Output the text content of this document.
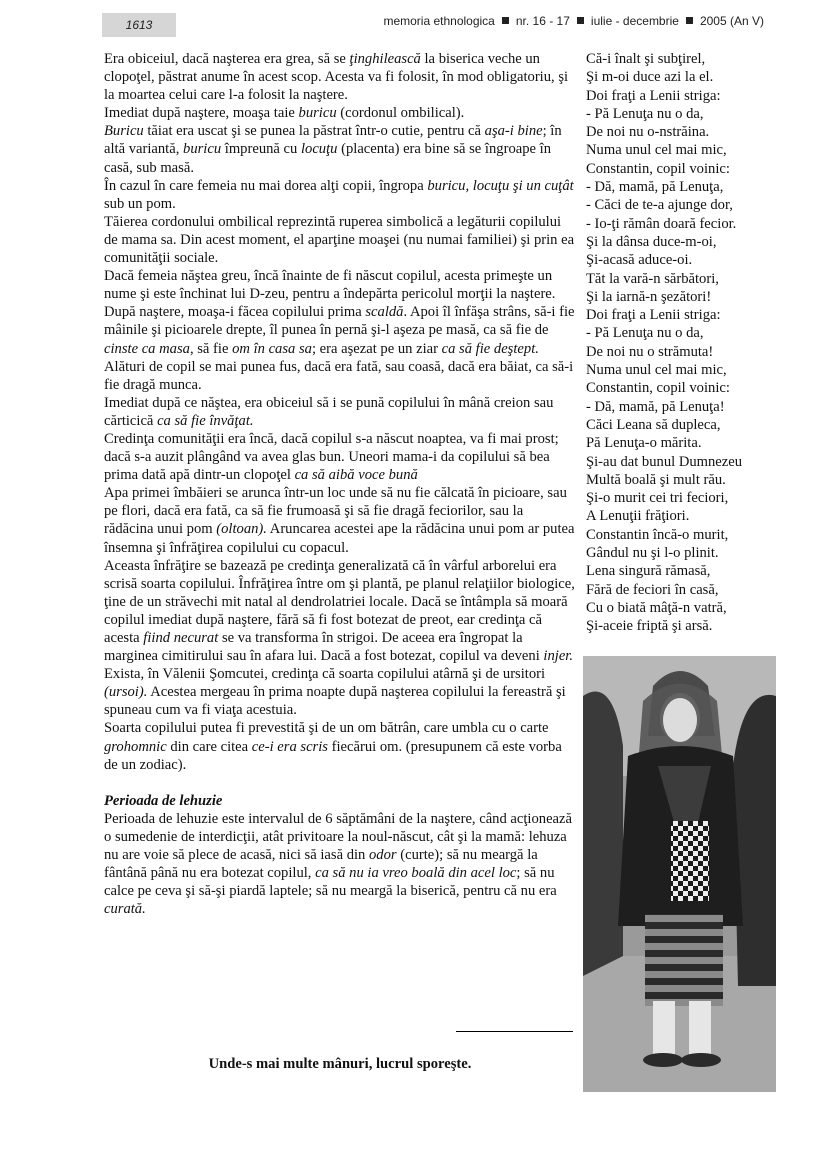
1613	memoria ethnologica nr. 16 - 17 iulie - decembrie 2005 (An V)

Era obiceiul, dacă naşterea era grea, să se ţinghilească la biserica veche un clopoţel, păstrat anume în acest scop. Acesta va fi folosit, în mod obligatoriu, şi la moartea celui care l-a folosit la naştere.

Imediat după naştere, moaşa taie buricu (cordonul ombilical).

Buricu tăiat era uscat şi se punea la păstrat într-o cutie, pentru că aşa-i bine; în altă variantă, buricu împreună cu locuţu (placenta) era bine să se îngroape în casă, sub masă.

În cazul în care femeia nu mai dorea alţi copii, îngropa buricu, locuţu şi un cuţât sub un pom.

Tăierea cordonului ombilical reprezintă ruperea simbolică a legăturii copilului de mama sa. Din acest moment, el aparţine moaşei (nu numai familiei) şi prin ea comunităţii sociale.

Dacă femeia năştea greu, încă înainte de fi născut copilul, acesta primeşte un nume şi este închinat lui D-zeu, pentru a îndepărta pericolul morţii la naştere.

După naştere, moaşa-i făcea copilului prima scaldă. Apoi îl înfăşa strâns, să-i fie mâinile şi picioarele drepte, îl punea în pernă şi-l aşeza pe masă, ca să fie de cinste ca masa, să fie om în casa sa; era aşezat pe un ziar ca să fie deştept. Alături de copil se mai punea fus, dacă era fată, sau coasă, dacă era băiat, ca să-i fie dragă munca.

Imediat după ce năştea, era obiceiul să i se pună copilului în mână creion sau cărticică ca să fie învăţat.

Credinţa comunităţii era încă, dacă copilul s-a născut noaptea, va fi mai prost; dacă s-a auzit plângând va avea glas bun. Uneori mama-i da copilului să bea prima dată apă dintr-un clopoţel ca să aibă voce bună

Apa primei îmbăieri se arunca într-un loc unde să nu fie călcată în picioare, sau pe flori, dacă era fată, ca să fie frumoasă şi să fie dragă feciorilor, sau la rădăcina unui pom (oltoan). Aruncarea acestei ape la rădăcina unui pom ar putea însemna şi înfrăţirea copilului cu copacul.

Aceasta înfrăţire se bazează pe credinţa generalizată că în vârful arborelui era scrisă soarta copilului. Înfrăţirea între om şi plantă, pe planul relaţiilor biologice, ţine de un străvechi mit natal al dendrolatriei locale. Dacă se întâmpla să moară copilul imediat după naştere, fără să fi fost botezat de preot, ear credinţa că acesta fiind necurat se va transforma în strigoi. De aceea era îngropat la marginea cimitirului sau în afara lui. Dacă a fost botezat, copilul va deveni injer.

Exista, în Vălenii Şomcutei, credinţa că soarta copilului atârnă şi de ursitori (ursoi). Acestea mergeau în prima noapte după naşterea copilului la fereastră şi spuneau cum va fi viaţa acestuia.

Soarta copilului putea fi prevestită şi de un om bătrân, care umbla cu o carte grohomnic din care citea ce-i era scris fiecărui om. (presupunem că este vorba de un zodiac).

Perioada de lehuzie

Perioada de lehuzie este intervalul de 6 săptămâni de la naştere, când acţionează o sumedenie de interdicţii, atât privitoare la noul-născut, cât şi la mamă: lehuza nu are voie să plece de acasă, nici să iasă din odor (curte); să nu meargă la fântână până nu era botezat copilul, ca să nu ia vreo boală din acel loc; să nu calce pe ceva şi să-şi piardă laptele; să nu meargă la biserică, pentru că nu era curată.

Unde-s mai multe mânuri, lucrul sporeşte.
Că-i înalt şi subţirel,
Şi m-oi duce azi la el.
Doi fraţi a Lenii striga:
- Pă Lenuţa nu o da,
De noi nu o-nstrăina.
Numa unul cel mai mic,
Constantin, copil voinic:
- Dă, mamă, pă Lenuţa,
- Căci de te-a ajunge dor,
- Io-ţi rămân doară fecior.
Şi la dânsa duce-m-oi,
Şi-acasă aduce-oi.
Tăt la vară-n sărbători,
Şi la iarnă-n şezători!
Doi fraţi a Lenii striga:
- Pă Lenuţa nu o da,
De noi nu o strămuta!
Numa unul cel mai mic,
Constantin, copil voinic:
- Dă, mamă, pă Lenuţa!
Căci Leana să dupleca,
Pă Lenuţa-o mărita.
Şi-au dat bunul Dumnezeu
Multă boală şi mult rău.
Şi-o murit cei tri feciori,
A Lenuţii frăţiori.
Constantin încă-o murit,
Gândul nu şi l-o plinit.
Lena singură rămasă,
Fără de feciori în casă,
Cu o biată mâţă-n vatră,
Şi-aceie friptă şi arsă.
